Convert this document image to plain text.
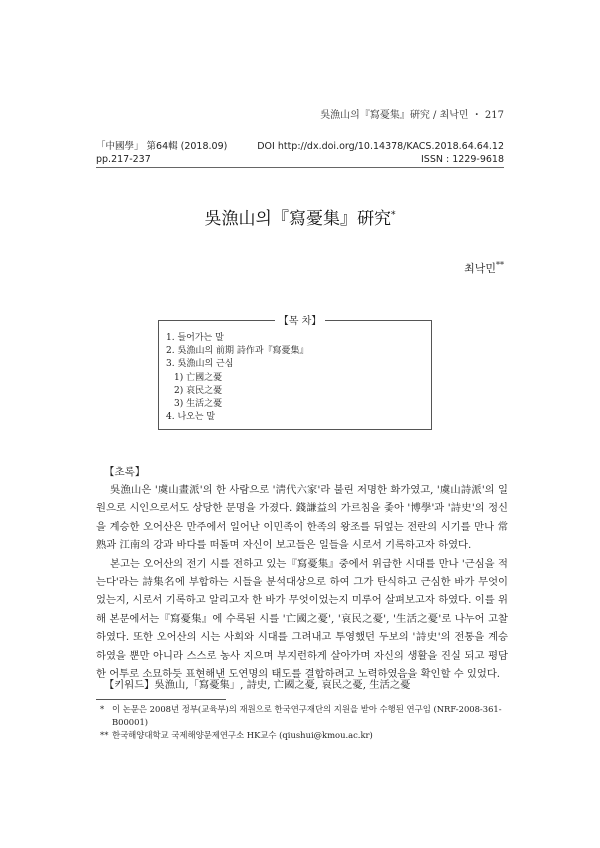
吳漁山의『寫憂集』硏究 / 최낙민 ・ 217
「中國學」 第64輯 (2018.09)	DOI http://dx.doi.org/10.14378/KACS.2018.64.64.12
pp.217-237	ISSN : 1229-9618
吳漁山의『寫憂集』硏究*
최낙민**
【목 차】
1. 들어가는 말
2. 吳漁山의 前期 詩作과『寫憂集』
3. 吳漁山의 근심
1) 亡國之憂
2) 哀民之憂
3) 生活之憂
4. 나오는 말
【초록】

吳漁山은 '虞山畫派'의 한 사람으로 '淸代六家'라 불린 저명한 화가였고, '虞山詩派'의 일원으로 시인으로서도 상당한 문명을 가졌다. 錢謙益의 가르침을 좇아 '博學'과 '詩史'의 정신을 계승한 오어산은 만주에서 일어난 이민족이 한족의 왕조를 뒤엎는 전란의 시기를 만나 常熟과 江南의 강과 바다를 떠돌며 자신이 보고들은 일들을 시로서 기록하고자 하였다.

본고는 오어산의 전기 시를 전하고 있는『寫憂集』중에서 위급한 시대를 만나 '근심을 적는다'라는 詩集名에 부합하는 시들을 분석대상으로 하여 그가 탄식하고 근심한 바가 무엇이었는지, 시로서 기록하고 알리고자 한 바가 무엇이었는지 미루어 살펴보고자 하였다. 이를 위해 본문에서는『寫憂集』에 수록된 시를 '亡國之憂', '哀民之憂', '生活之憂'로 나누어 고찰하였다. 또한 오어산의 시는 사회와 시대를 그려내고 투영했던 두보의 '詩史'의 전통을 계승하였을 뿐만 아니라 스스로 농사 지으며 부지런하게 살아가며 자신의 생활을 진실 되고 평담한 어투로 소묘하듯 표현해낸 도연명의 태도를 결합하려고 노력하였음을 확인할 수 있었다.

【키워드】吳漁山,「寫憂集」, 詩史, 亡國之憂, 哀民之憂, 生活之憂
* 이 논문은 2008년 정부(교육부)의 재원으로 한국연구재단의 지원을 받아 수행된 연구임 (NRF-2008-361-B00001)
** 한국해양대학교 국제해양문제연구소 HK교수 (qiushui@kmou.ac.kr)
